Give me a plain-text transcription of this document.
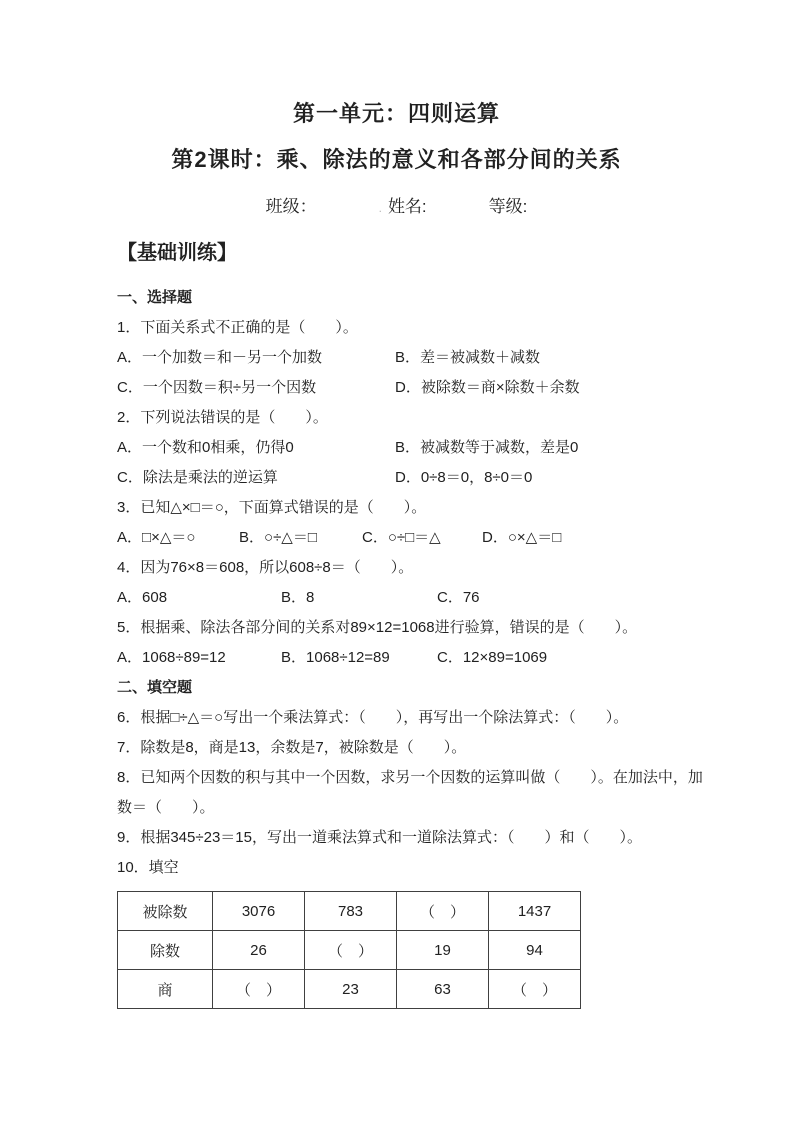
第一单元：四则运算
第2课时：乘、除法的意义和各部分间的关系
班级：	. 姓名:	等级:
【基础训练】
一、选择题
1．下面关系式不正确的是（　　）。
A．一个加数＝和－另一个加数	B．差＝被减数＋减数
C．一个因数＝积÷另一个因数	D．被除数＝商×除数＋余数
2．下列说法错误的是（　　）。
A．一个数和0相乘，仍得0	B．被减数等于减数，差是0
C．除法是乘法的逆运算	D．0÷8＝0，8÷0＝0
3．已知△×□＝○，下面算式错误的是（　　）。
A．□×△＝○	B．○÷△＝□	C．○÷□＝△	D．○×△＝□
4．因为76×8＝608，所以608÷8＝（　　）。
A．608	B．8	C．76
5．根据乘、除法各部分间的关系对89×12=1068进行验算，错误的是（　　）。
A．1068÷89=12	B．1068÷12=89	C．12×89=1069
二、填空题
6．根据□÷△＝○写出一个乘法算式：（　　），再写出一个除法算式：（　　）。
7．除数是8，商是13，余数是7，被除数是（　　）。
8．已知两个因数的积与其中一个因数，求另一个因数的运算叫做（　　）。在加法中，加
数＝（　　）。
9．根据345÷23＝15，写出一道乘法算式和一道除法算式：（　　）和（　　）。
10．填空
被除数	3076	783	（　）	1437
除数	26	（　）	19	94
商	（　）	23	63	（　）
